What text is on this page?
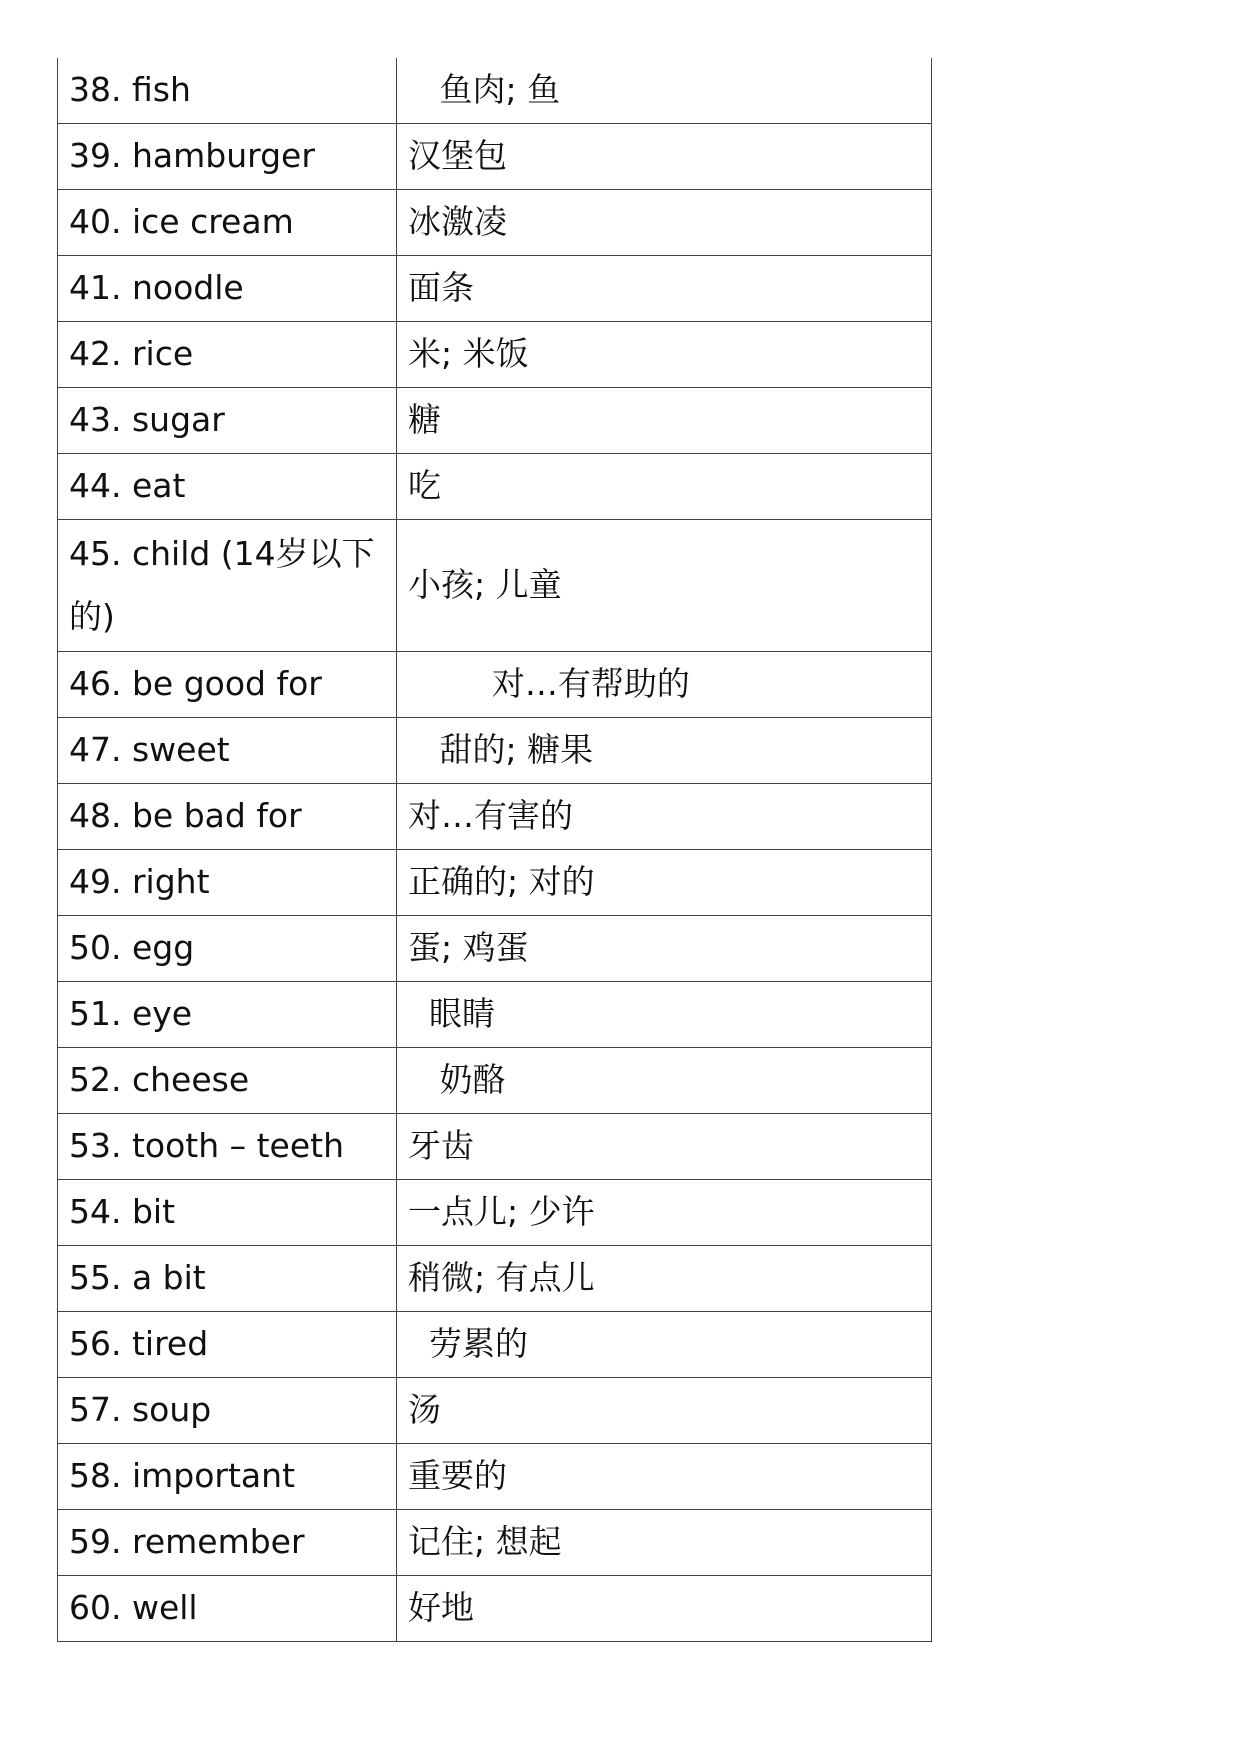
38. fish	鱼肉; 鱼
39. hamburger	汉堡包
40. ice cream	冰激凌
41. noodle	面条
42. rice	米; 米饭
43. sugar	糖
44. eat	吃
45. child (14岁以下的)	小孩; 儿童
46. be good for	对…有帮助的
47. sweet	甜的; 糖果
48. be bad for	对…有害的
49. right	正确的; 对的
50. egg	蛋; 鸡蛋
51. eye	眼睛
52. cheese	奶酪
53. tooth – teeth	牙齿
54. bit	一点儿; 少许
55. a bit	稍微; 有点儿
56. tired	劳累的
57. soup	汤
58. important	重要的
59. remember	记住; 想起
60. well	好地
